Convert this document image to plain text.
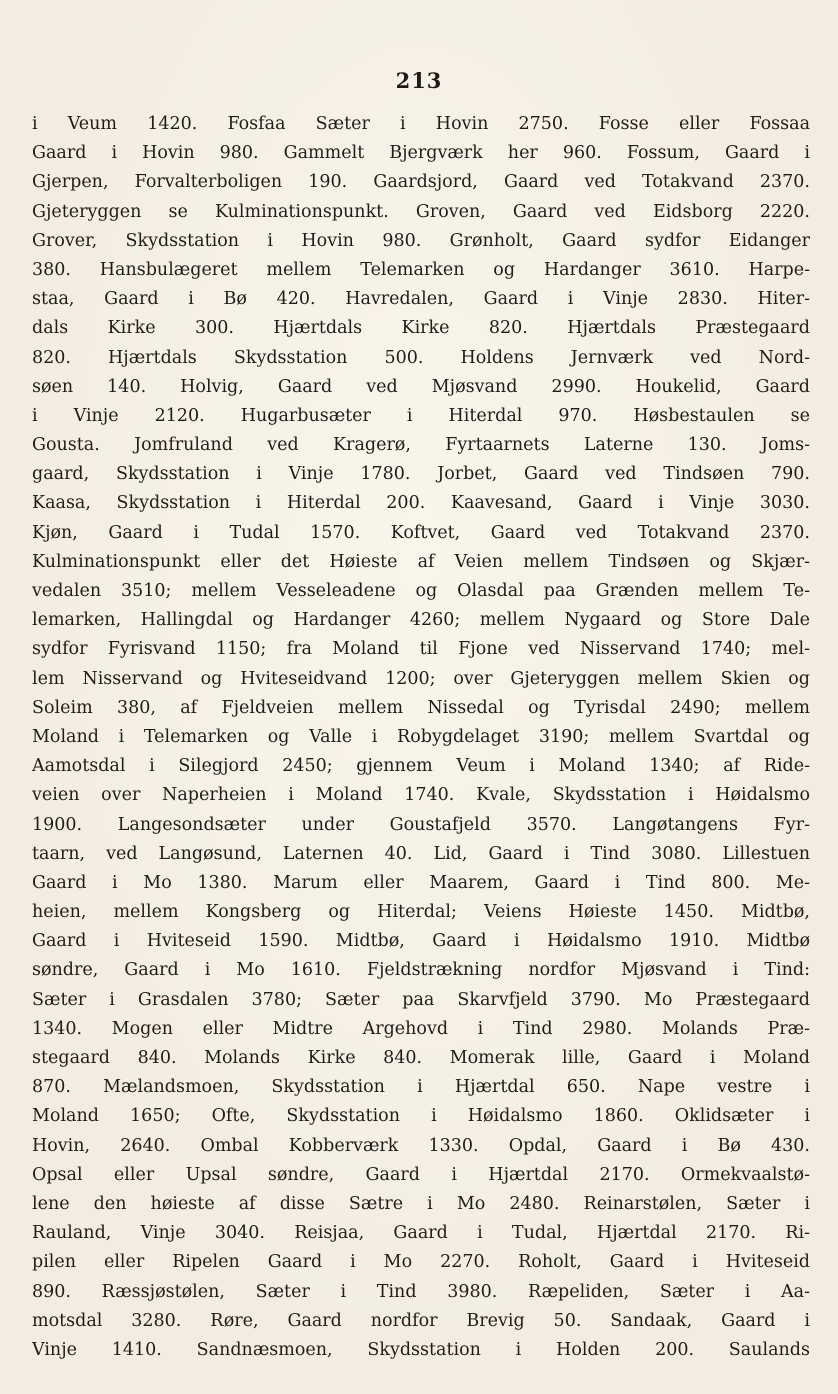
213
i Veum 1420. Fosfaa Sæter i Hovin 2750. Fosse eller Fossaa
Gaard i Hovin 980. Gammelt Bjergværk her 960. Fossum, Gaard i
Gjerpen, Forvalterboligen 190. Gaardsjord, Gaard ved Totakvand 2370.
Gjeteryggen se Kulminationspunkt. Groven, Gaard ved Eidsborg 2220.
Grover, Skydsstation i Hovin 980. Grønholt, Gaard sydfor Eidanger
380. Hansbulægeret mellem Telemarken og Hardanger 3610. Harpe-
staa, Gaard i Bø 420. Havredalen, Gaard i Vinje 2830. Hiter-
dals Kirke 300. Hjærtdals Kirke 820. Hjærtdals Præstegaard
820. Hjærtdals Skydsstation 500. Holdens Jernværk ved Nord-
søen 140. Holvig, Gaard ved Mjøsvand 2990. Houkelid, Gaard
i Vinje 2120. Hugarbusæter i Hiterdal 970. Høsbestaulen se
Gousta. Jomfruland ved Kragerø, Fyrtaarnets Laterne 130. Joms-
gaard, Skydsstation i Vinje 1780. Jorbet, Gaard ved Tindsøen 790.
Kaasa, Skydsstation i Hiterdal 200. Kaavesand, Gaard i Vinje 3030.
Kjøn, Gaard i Tudal 1570. Koftvet, Gaard ved Totakvand 2370.
Kulminationspunkt eller det Høieste af Veien mellem Tindsøen og Skjær-
vedalen 3510; mellem Vesseleadene og Olasdal paa Grænden mellem Te-
lemarken, Hallingdal og Hardanger 4260; mellem Nygaard og Store Dale
sydfor Fyrisvand 1150; fra Moland til Fjone ved Nisservand 1740; mel-
lem Nisservand og Hviteseidvand 1200; over Gjeteryggen mellem Skien og
Soleim 380, af Fjeldveien mellem Nissedal og Tyrisdal 2490; mellem
Moland i Telemarken og Valle i Robygdelaget 3190; mellem Svartdal og
Aamotsdal i Silegjord 2450; gjennem Veum i Moland 1340; af Ride-
veien over Naperheien i Moland 1740. Kvale, Skydsstation i Høidalsmo
1900. Langesondsæter under Goustafjeld 3570. Langøtangens Fyr-
taarn, ved Langøsund, Laternen 40. Lid, Gaard i Tind 3080. Lillestuen
Gaard i Mo 1380. Marum eller Maarem, Gaard i Tind 800. Me-
heien, mellem Kongsberg og Hiterdal; Veiens Høieste 1450. Midtbø,
Gaard i Hviteseid 1590. Midtbø, Gaard i Høidalsmo 1910. Midtbø
søndre, Gaard i Mo 1610. Fjeldstrækning nordfor Mjøsvand i Tind:
Sæter i Grasdalen 3780; Sæter paa Skarvfjeld 3790. Mo Præstegaard
1340. Mogen eller Midtre Argehovd i Tind 2980. Molands Præ-
stegaard 840. Molands Kirke 840. Momerak lille, Gaard i Moland
870. Mælandsmoen, Skydsstation i Hjærtdal 650. Nape vestre i
Moland 1650; Ofte, Skydsstation i Høidalsmo 1860. Oklidsæter i
Hovin, 2640. Ombal Kobberværk 1330. Opdal, Gaard i Bø 430.
Opsal eller Upsal søndre, Gaard i Hjærtdal 2170. Ormekvaalstø-
lene den høieste af disse Sætre i Mo 2480. Reinarstølen, Sæter i
Rauland, Vinje 3040. Reisjaa, Gaard i Tudal, Hjærtdal 2170. Ri-
pilen eller Ripelen Gaard i Mo 2270. Roholt, Gaard i Hviteseid
890. Ræssjøstølen, Sæter i Tind 3980. Ræpeliden, Sæter i Aa-
motsdal 3280. Røre, Gaard nordfor Brevig 50. Sandaak, Gaard i
Vinje 1410. Sandnæsmoen, Skydsstation i Holden 200. Saulands
